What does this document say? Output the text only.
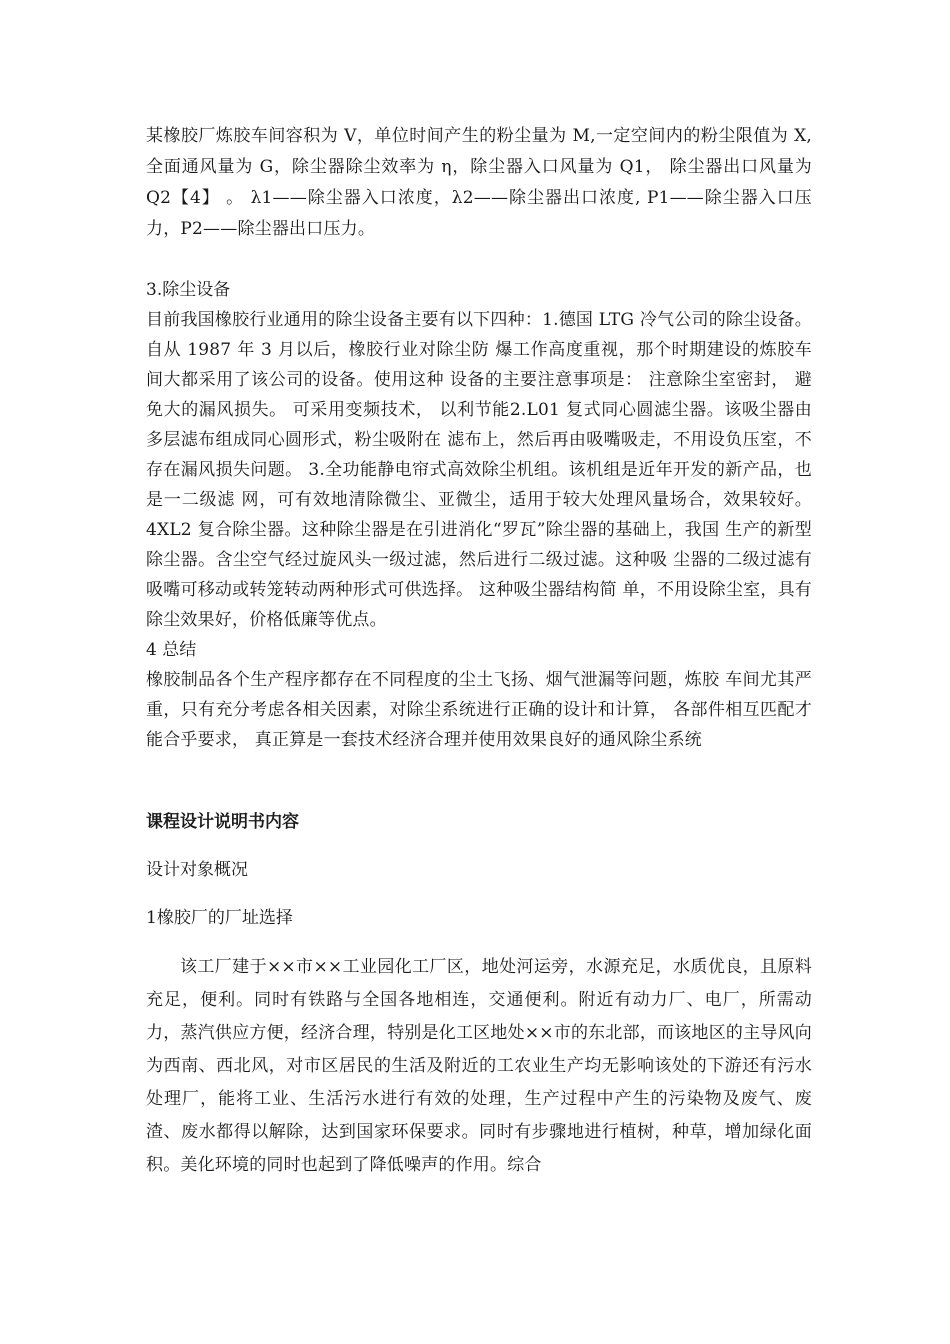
某橡胶厂炼胶车间容积为 V，单位时间产生的粉尘量为 M,一定空间内的粉尘限值为 X,全面通风量为 G，除尘器除尘效率为 η，除尘器入口风量为 Q1， 除尘器出口风量为 Q2【4】 。 λ1——除尘器入口浓度，λ2——除尘器出口浓度, P1——除尘器入口压力，P2——除尘器出口压力。

3.除尘设备

目前我国橡胶行业通用的除尘设备主要有以下四种：1.德国 LTG 冷气公司的除尘设备。自从 1987 年 3 月以后，橡胶行业对除尘防 爆工作高度重视，那个时期建设的炼胶车间大都采用了该公司的设备。使用这种 设备的主要注意事项是： 注意除尘室密封， 避免大的漏风损失。 可采用变频技术， 以利节能2.L01 复式同心圆滤尘器。该吸尘器由多层滤布组成同心圆形式，粉尘吸附在 滤布上，然后再由吸嘴吸走，不用设负压室，不存在漏风损失问题。 3.全功能静电帘式高效除尘机组。该机组是近年开发的新产品，也是一二级滤 网，可有效地清除微尘、亚微尘，适用于较大处理风量场合，效果较好。 4XL2 复合除尘器。这种除尘器是在引进消化“罗瓦”除尘器的基础上，我国 生产的新型除尘器。含尘空气经过旋风头一级过滤，然后进行二级过滤。这种吸 尘器的二级过滤有吸嘴可移动或转笼转动两种形式可供选择。 这种吸尘器结构简 单，不用设除尘室，具有除尘效果好，价格低廉等优点。

4 总结

橡胶制品各个生产程序都存在不同程度的尘土飞扬、烟气泄漏等问题，炼胶 车间尤其严重，只有充分考虑各相关因素，对除尘系统进行正确的设计和计算， 各部件相互匹配才能合乎要求， 真正算是一套技术经济合理并使用效果良好的通风除尘系统

课程设计说明书内容

设计对象概况

1橡胶厂的厂址选择

该工厂建于××市××工业园化工厂区，地处河运旁，水源充足，水质优良，且原料充足，便利。同时有铁路与全国各地相连，交通便利。附近有动力厂、电厂，所需动力，蒸汽供应方便，经济合理，特别是化工区地处××市的东北部，而该地区的主导风向为西南、西北风，对市区居民的生活及附近的工农业生产均无影响该处的下游还有污水处理厂，能将工业、生活污水进行有效的处理，生产过程中产生的污染物及废气、废渣、废水都得以解除，达到国家环保要求。同时有步骤地进行植树，种草，增加绿化面积。美化环境的同时也起到了降低噪声的作用。综合
